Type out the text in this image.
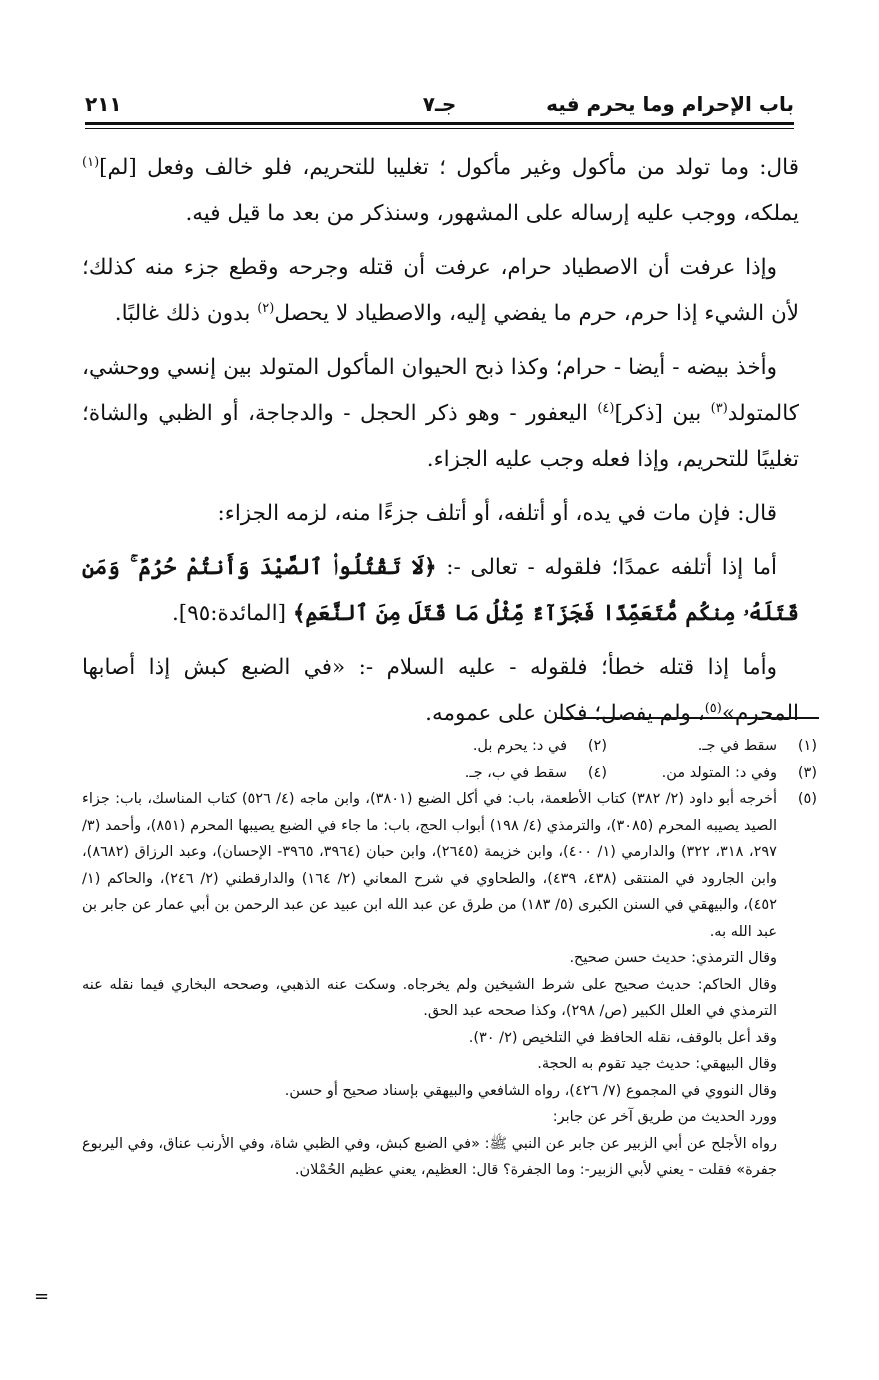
باب الإحرام وما يحرم فيه
جـ٧
٢١١

قال: وما تولد من مأكول وغير مأكول ؛ تغليبا للتحريم، فلو خالف وفعل [لم]$^{(١)}$ يملكه، ووجب عليه إرساله على المشهور، وسنذكر من بعد ما قيل فيه.

وإذا عرفت أن الاصطياد حرام، عرفت أن قتله وجرحه وقطع جزء منه كذلك؛ لأن الشيء إذا حرم، حرم ما يفضي إليه، والاصطياد لا يحصل$^{(٢)}$ بدون ذلك غالبًا.

وأخذ بيضه - أيضا - حرام؛ وكذا ذبح الحيوان المأكول المتولد بين إنسي ووحشي، كالمتولد$^{(٣)}$ بين [ذكر]$^{(٤)}$ اليعفور - وهو ذكر الحجل - والدجاجة، أو الظبي والشاة؛ تغليبًا للتحريم، وإذا فعله وجب عليه الجزاء.

قال: فإن مات في يده، أو أتلفه، أو أتلف جزءًا منه، لزمه الجزاء:

أما إذا أتلفه عمدًا؛ فلقوله - تعالى -: ﴿لَا تَقْتُلُوا۟ ٱلصَّيْدَ وَأَنتُمْ حُرُمٌ ۚ وَمَن قَتَلَهُۥ مِنكُم مُّتَعَمِّدًا فَجَزَآءٌ مِّثْلُ مَا قَتَلَ مِنَ ٱلنَّعَمِ﴾ [المائدة:٩٥].

وأما إذا قتله خطأ؛ فلقوله - عليه السلام -: «في الضبع كبش إذا أصابها المحرم»$^{(٥)}$، ولم يفصل؛ فكان على عمومه.

(١)
سقط في جـ.
(٢)
في د: يحرم بل.
(٣)
وفي د: المتولد من.
(٤)
سقط في ب، جـ.
(٥)
أخرجه أبو داود (٢/ ٣٨٢) كتاب الأطعمة، باب: في أكل الضبع (٣٨٠١)، وابن ماجه (٤/ ٥٢٦) كتاب المناسك، باب: جزاء الصيد يصيبه المحرم (٣٠٨٥)، والترمذي (٤/ ١٩٨) أبواب الحج، باب: ما جاء في الضبع يصيبها المحرم (٨٥١)، وأحمد (٣/ ٢٩٧، ٣١٨، ٣٢٢) والدارمي (١/ ٤٠٠)، وابن خزيمة (٢٦٤٥)، وابن حبان (٣٩٦٤، ٣٩٦٥- الإحسان)، وعبد الرزاق (٨٦٨٢)، وابن الجارود في المنتقى (٤٣٨، ٤٣٩)، والطحاوي في شرح المعاني (٢/ ١٦٤) والدارقطني (٢/ ٢٤٦)، والحاكم (١/ ٤٥٢)، والبيهقي في السنن الكبرى (٥/ ١٨٣) من طرق عن عبد الله ابن عبيد عن عبد الرحمن بن أبي عمار عن جابر بن عبد الله به.
وقال الترمذي: حديث حسن صحيح.
وقال الحاكم: حديث صحيح على شرط الشيخين ولم يخرجاه. وسكت عنه الذهبي، وصححه البخاري فيما نقله عنه الترمذي في العلل الكبير (ص/ ٢٩٨)، وكذا صححه عبد الحق.
وقد أعل بالوقف، نقله الحافظ في التلخيص (٢/ ٣٠).
وقال البيهقي: حديث جيد تقوم به الحجة.
وقال النووي في المجموع (٧/ ٤٢٦)، رواه الشافعي والبيهقي بإسناد صحيح أو حسن.
وورد الحديث من طريق آخر عن جابر:
رواه الأجلح عن أبي الزبير عن جابر عن النبي ﷺ: «في الضبع كبش، وفي الظبي شاة، وفي الأرنب عناق، وفي اليربوع جفرة» فقلت - يعني لأبي الزبير-: وما الجفرة؟ قال: العظيم، يعني عظيم الحُمْلان.
=
